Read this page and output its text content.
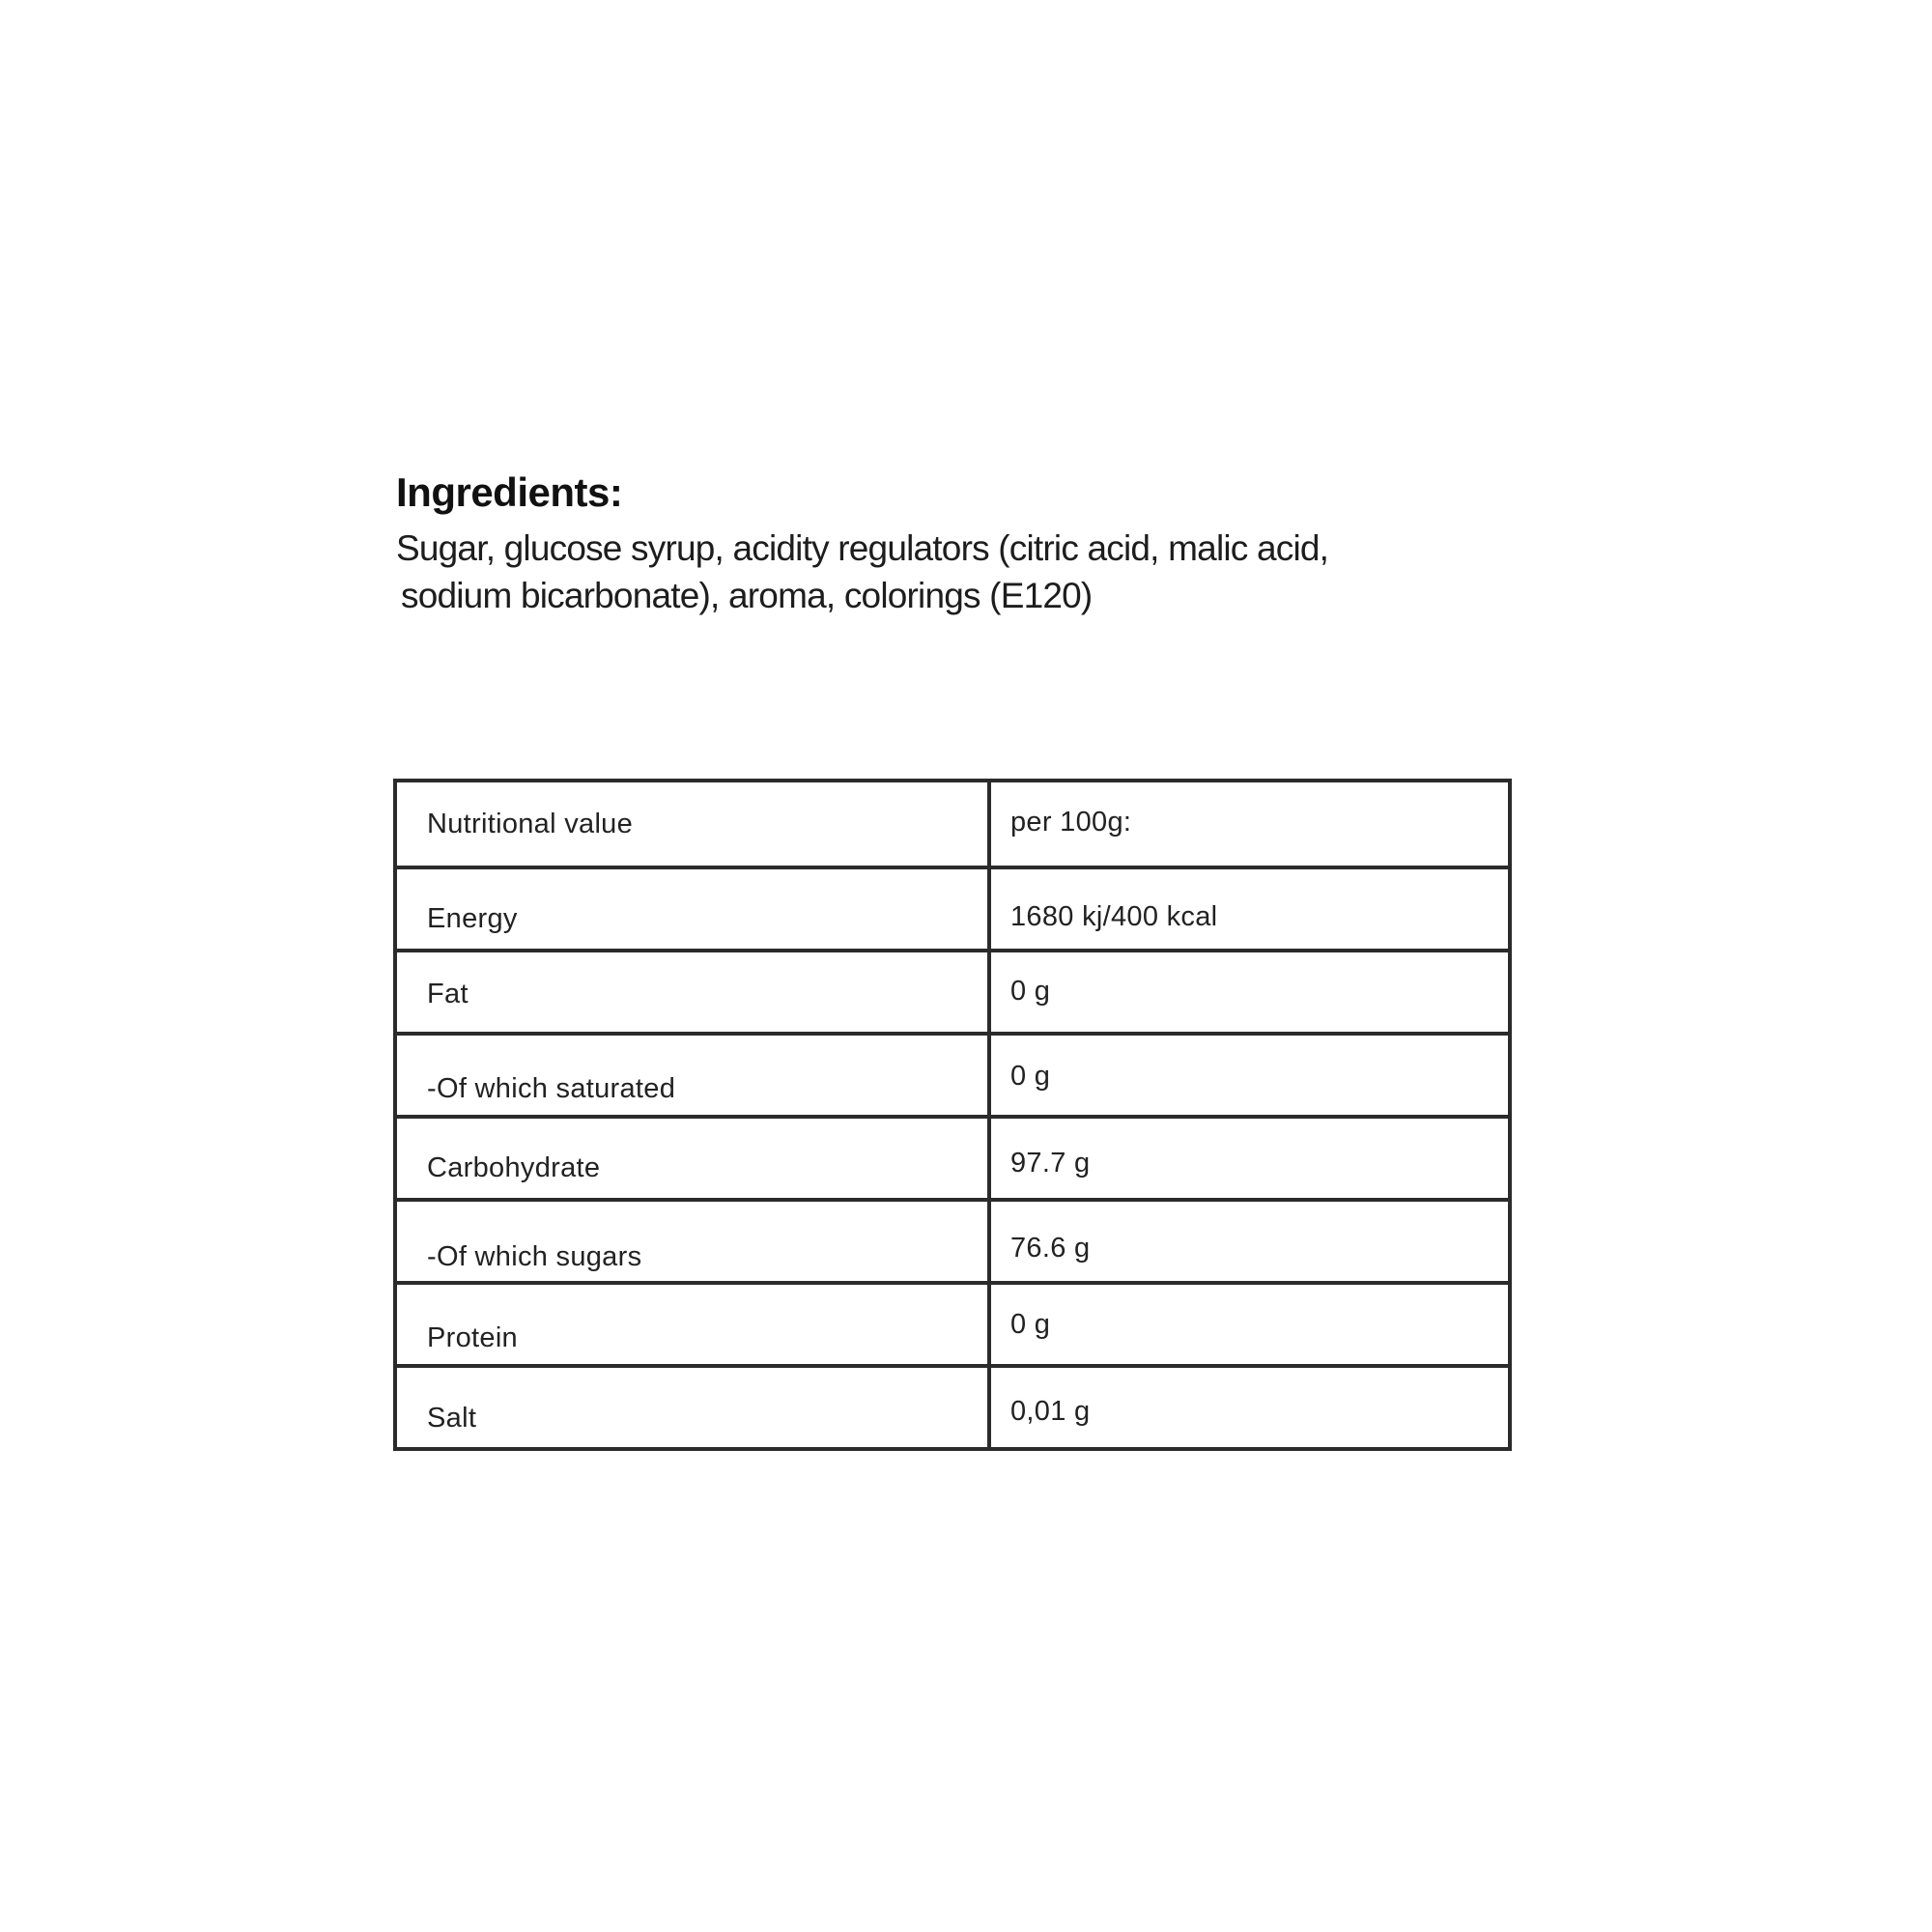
Ingredients:
Sugar, glucose syrup, acidity regulators (citric acid, malic acid,
sodium bicarbonate), aroma, colorings (E120)
Nutritional value	per 100g:
Energy	1680 kj/400 kcal
Fat	0 g
-Of which saturated	0 g
Carbohydrate	97.7 g
-Of which sugars	76.6 g
Protein	0 g
Salt	0,01 g
